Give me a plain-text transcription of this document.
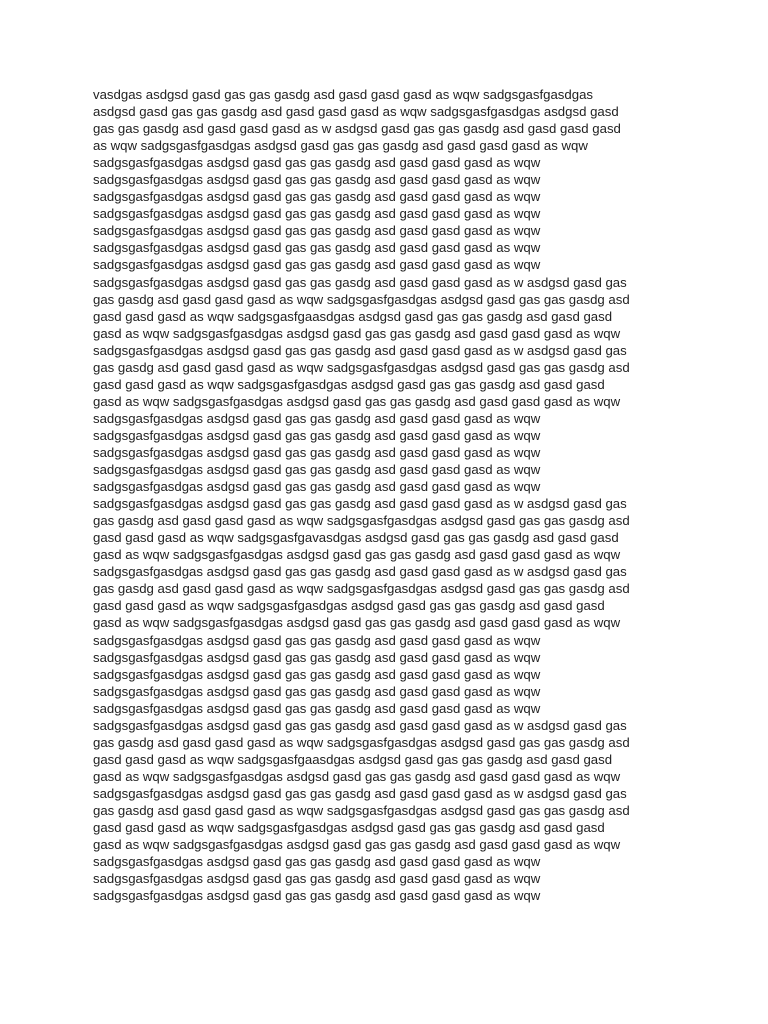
vasdgas asdgsd gasd gas gas gasdg asd gasd gasd gasd as wqw sadgsgasfgasdgas
asdgsd gasd gas gas gasdg asd gasd gasd gasd as wqw sadgsgasfgasdgas asdgsd gasd
gas gas gasdg asd gasd gasd gasd as w asdgsd gasd gas gas gasdg asd gasd gasd gasd
as wqw sadgsgasfgasdgas asdgsd gasd gas gas gasdg asd gasd gasd gasd as wqw
sadgsgasfgasdgas asdgsd gasd gas gas gasdg asd gasd gasd gasd as wqw
sadgsgasfgasdgas asdgsd gasd gas gas gasdg asd gasd gasd gasd as wqw
sadgsgasfgasdgas asdgsd gasd gas gas gasdg asd gasd gasd gasd as wqw
sadgsgasfgasdgas asdgsd gasd gas gas gasdg asd gasd gasd gasd as wqw
sadgsgasfgasdgas asdgsd gasd gas gas gasdg asd gasd gasd gasd as wqw
sadgsgasfgasdgas asdgsd gasd gas gas gasdg asd gasd gasd gasd as wqw
sadgsgasfgasdgas asdgsd gasd gas gas gasdg asd gasd gasd gasd as wqw
sadgsgasfgasdgas asdgsd gasd gas gas gasdg asd gasd gasd gasd as w asdgsd gasd gas
gas gasdg asd gasd gasd gasd as wqw sadgsgasfgasdgas asdgsd gasd gas gas gasdg asd
gasd gasd gasd as wqw sadgsgasfgaasdgas asdgsd gasd gas gas gasdg asd gasd gasd
gasd as wqw sadgsgasfgasdgas asdgsd gasd gas gas gasdg asd gasd gasd gasd as wqw
sadgsgasfgasdgas asdgsd gasd gas gas gasdg asd gasd gasd gasd as w asdgsd gasd gas
gas gasdg asd gasd gasd gasd as wqw sadgsgasfgasdgas asdgsd gasd gas gas gasdg asd
gasd gasd gasd as wqw sadgsgasfgasdgas asdgsd gasd gas gas gasdg asd gasd gasd
gasd as wqw sadgsgasfgasdgas asdgsd gasd gas gas gasdg asd gasd gasd gasd as wqw
sadgsgasfgasdgas asdgsd gasd gas gas gasdg asd gasd gasd gasd as wqw
sadgsgasfgasdgas asdgsd gasd gas gas gasdg asd gasd gasd gasd as wqw
sadgsgasfgasdgas asdgsd gasd gas gas gasdg asd gasd gasd gasd as wqw
sadgsgasfgasdgas asdgsd gasd gas gas gasdg asd gasd gasd gasd as wqw
sadgsgasfgasdgas asdgsd gasd gas gas gasdg asd gasd gasd gasd as wqw
sadgsgasfgasdgas asdgsd gasd gas gas gasdg asd gasd gasd gasd as w asdgsd gasd gas
gas gasdg asd gasd gasd gasd as wqw sadgsgasfgasdgas asdgsd gasd gas gas gasdg asd
gasd gasd gasd as wqw sadgsgasfgavasdgas asdgsd gasd gas gas gasdg asd gasd gasd
gasd as wqw sadgsgasfgasdgas asdgsd gasd gas gas gasdg asd gasd gasd gasd as wqw
sadgsgasfgasdgas asdgsd gasd gas gas gasdg asd gasd gasd gasd as w asdgsd gasd gas
gas gasdg asd gasd gasd gasd as wqw sadgsgasfgasdgas asdgsd gasd gas gas gasdg asd
gasd gasd gasd as wqw sadgsgasfgasdgas asdgsd gasd gas gas gasdg asd gasd gasd
gasd as wqw sadgsgasfgasdgas asdgsd gasd gas gas gasdg asd gasd gasd gasd as wqw
sadgsgasfgasdgas asdgsd gasd gas gas gasdg asd gasd gasd gasd as wqw
sadgsgasfgasdgas asdgsd gasd gas gas gasdg asd gasd gasd gasd as wqw
sadgsgasfgasdgas asdgsd gasd gas gas gasdg asd gasd gasd gasd as wqw
sadgsgasfgasdgas asdgsd gasd gas gas gasdg asd gasd gasd gasd as wqw
sadgsgasfgasdgas asdgsd gasd gas gas gasdg asd gasd gasd gasd as wqw
sadgsgasfgasdgas asdgsd gasd gas gas gasdg asd gasd gasd gasd as w asdgsd gasd gas
gas gasdg asd gasd gasd gasd as wqw sadgsgasfgasdgas asdgsd gasd gas gas gasdg asd
gasd gasd gasd as wqw sadgsgasfgaasdgas asdgsd gasd gas gas gasdg asd gasd gasd
gasd as wqw sadgsgasfgasdgas asdgsd gasd gas gas gasdg asd gasd gasd gasd as wqw
sadgsgasfgasdgas asdgsd gasd gas gas gasdg asd gasd gasd gasd as w asdgsd gasd gas
gas gasdg asd gasd gasd gasd as wqw sadgsgasfgasdgas asdgsd gasd gas gas gasdg asd
gasd gasd gasd as wqw sadgsgasfgasdgas asdgsd gasd gas gas gasdg asd gasd gasd
gasd as wqw sadgsgasfgasdgas asdgsd gasd gas gas gasdg asd gasd gasd gasd as wqw
sadgsgasfgasdgas asdgsd gasd gas gas gasdg asd gasd gasd gasd as wqw
sadgsgasfgasdgas asdgsd gasd gas gas gasdg asd gasd gasd gasd as wqw
sadgsgasfgasdgas asdgsd gasd gas gas gasdg asd gasd gasd gasd as wqw
